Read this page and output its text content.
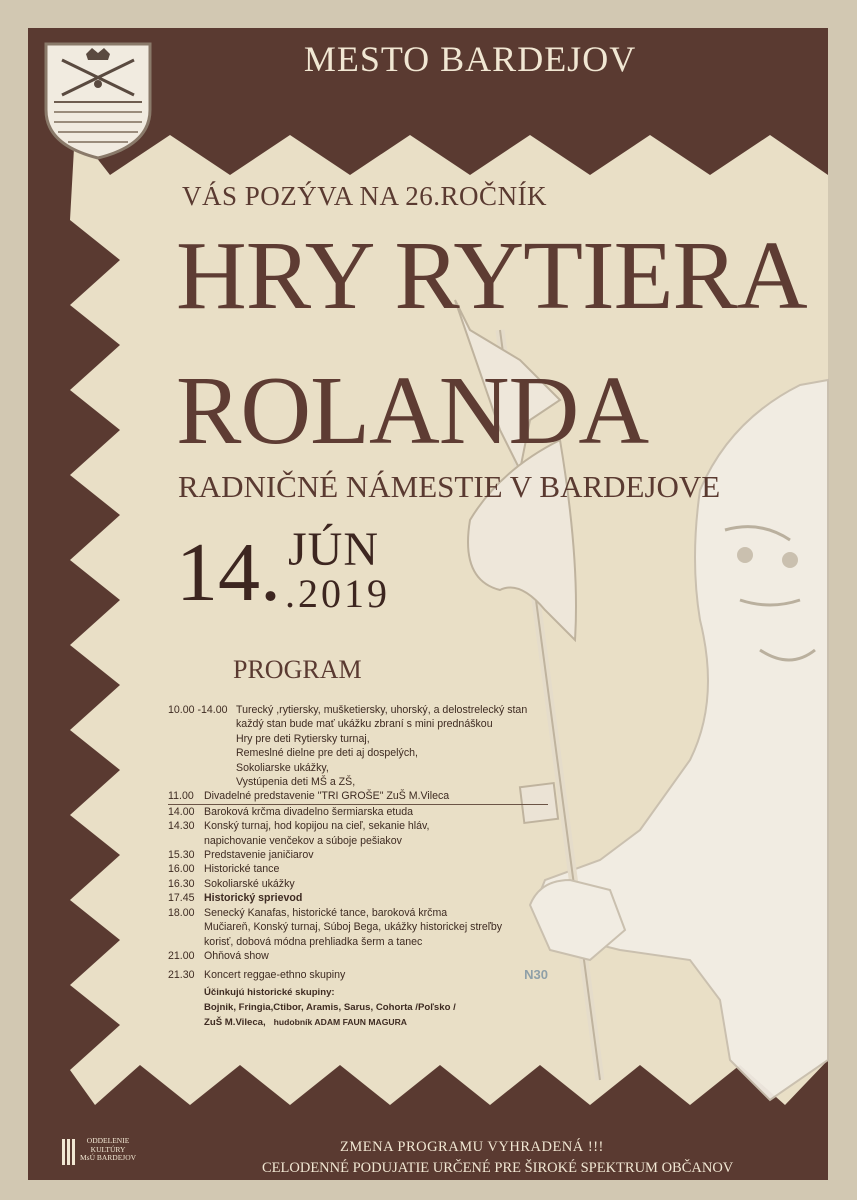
MESTO BARDEJOV
VÁS POZÝVA NA 26.ROČNÍK
HRY RYTIERA
ROLANDA
RADNIČNÉ NÁMESTIE V BARDEJOVE
14. JÚN
.2019
PROGRAM
10.00 -14.00 Turecký ,rytiersky, mušketiersky, uhorský, a delostrelecký stan
každý stan bude mať ukážku zbraní s mini prednáškou
Hry pre deti Rytiersky turnaj,
Remeslné dielne pre deti aj dospelých,
Sokoliarske ukážky,
Vystúpenia deti MŠ a ZŠ,
11.00 Divadelné predstavenie "TRI GROŠE" ZuŠ M.Vileca
14.00 Baroková krčma divadelno šermiarska etuda
14.30 Konský turnaj, hod kopijou na cieľ, sekanie hláv,
napichovanie venčekov a súboje pešiakov
15.30 Predstavenie janičiarov
16.00 Historické tance
16.30 Sokoliarské ukážky
17.45 Historický sprievod
18.00 Senecký Kanafas, historické tance, baroková krčma
Mučiareň, Konský turnaj, Súboj Bega, ukážky historickej streľby
korisť, dobová módna prehliadka šerm a tanec
21.00 Ohňová show
21.30 Koncert reggae-ethno skupiny	N30
Účinkujú historické skupiny:
Bojnik, Fringia,Ctibor, Aramis, Sarus, Cohorta /Poľsko /
ZuŠ M.Vileca, hudobník ADAM FAUN MAGURA
ODDELENIE
KULTÚRY
MsÚ BARDEJOV
ZMENA PROGRAMU VYHRADENÁ !!!
CELODENNÉ PODUJATIE URČENÉ PRE ŠIROKÉ SPEKTRUM OBČANOV
